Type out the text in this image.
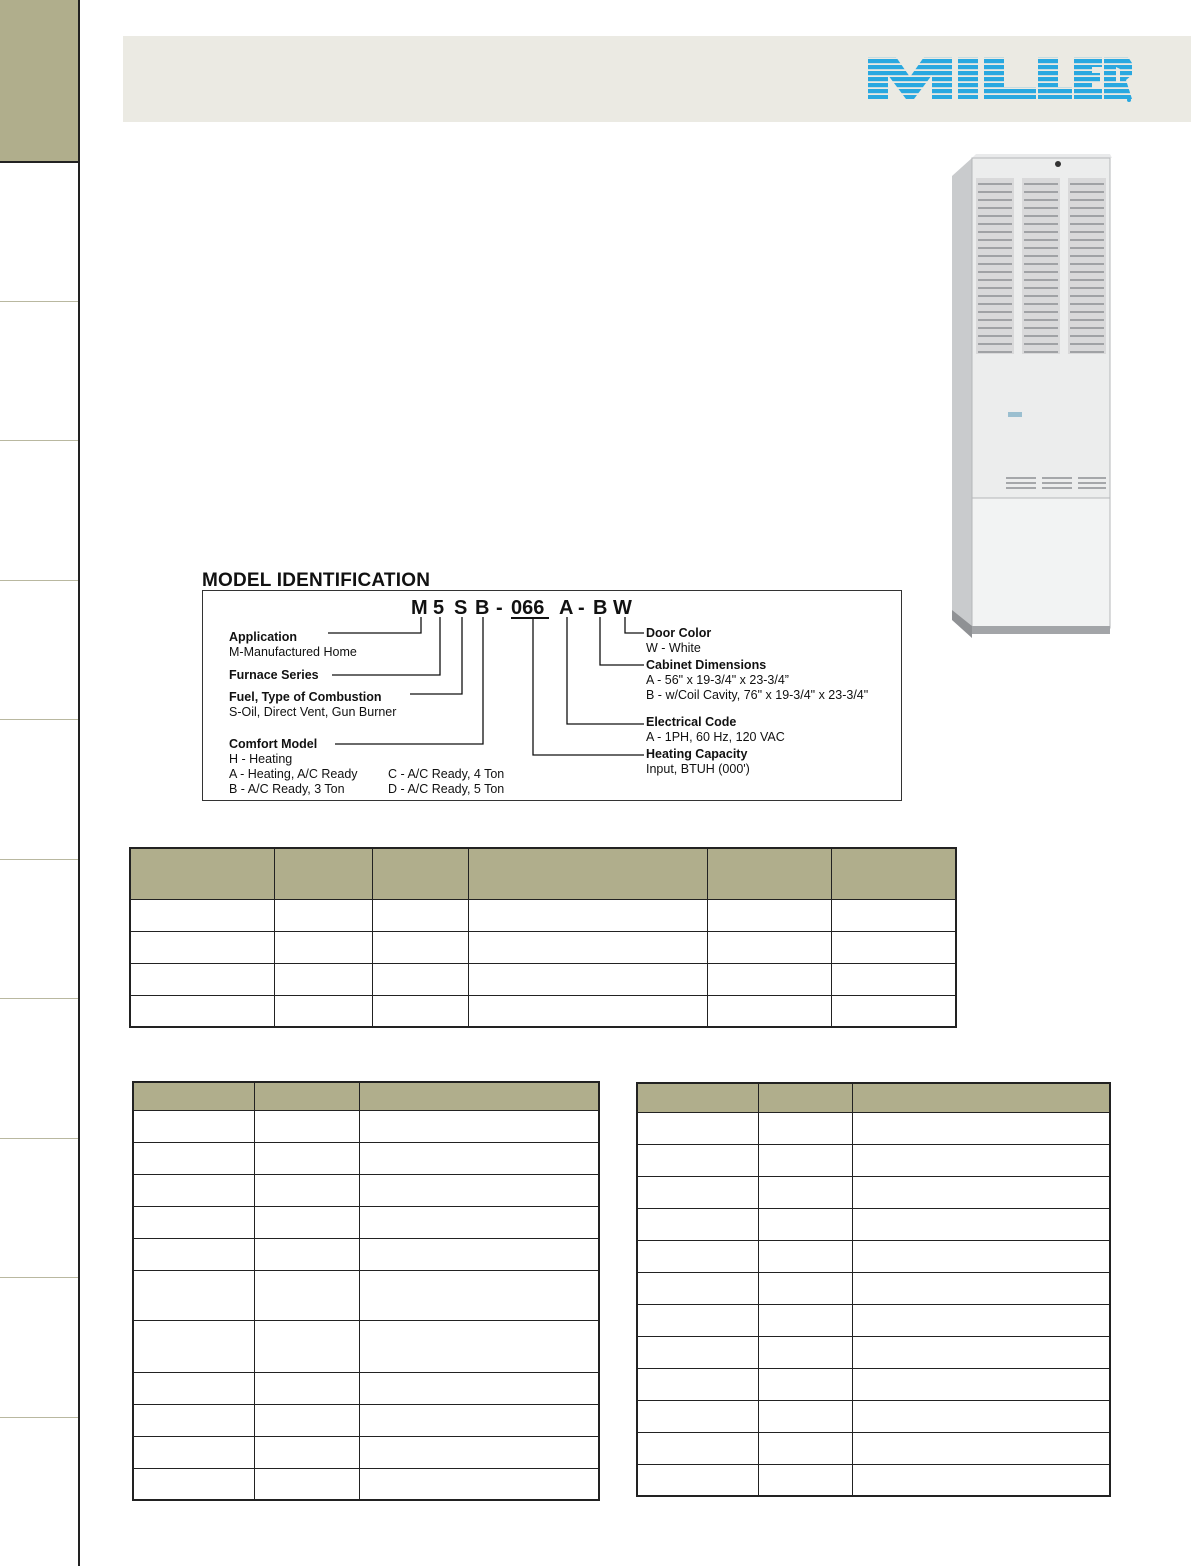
MODEL IDENTIFICATION
M 5 S B - 066 A - B W
Application
M-Manufactured Home
Furnace Series
Fuel, Type of Combustion
S-Oil, Direct Vent, Gun Burner
Comfort Model
H - Heating
A - Heating, A/C Ready
B - A/C Ready, 3 Ton
C - A/C Ready, 4 Ton
D - A/C Ready, 5 Ton
Door Color
W - White
Cabinet Dimensions
A - 56" x 19-3/4" x 23-3/4”
B - w/Coil Cavity, 76" x 19-3/4" x 23-3/4"
Electrical Code
A - 1PH, 60 Hz, 120 VAC
Heating Capacity
Input, BTUH (000')
